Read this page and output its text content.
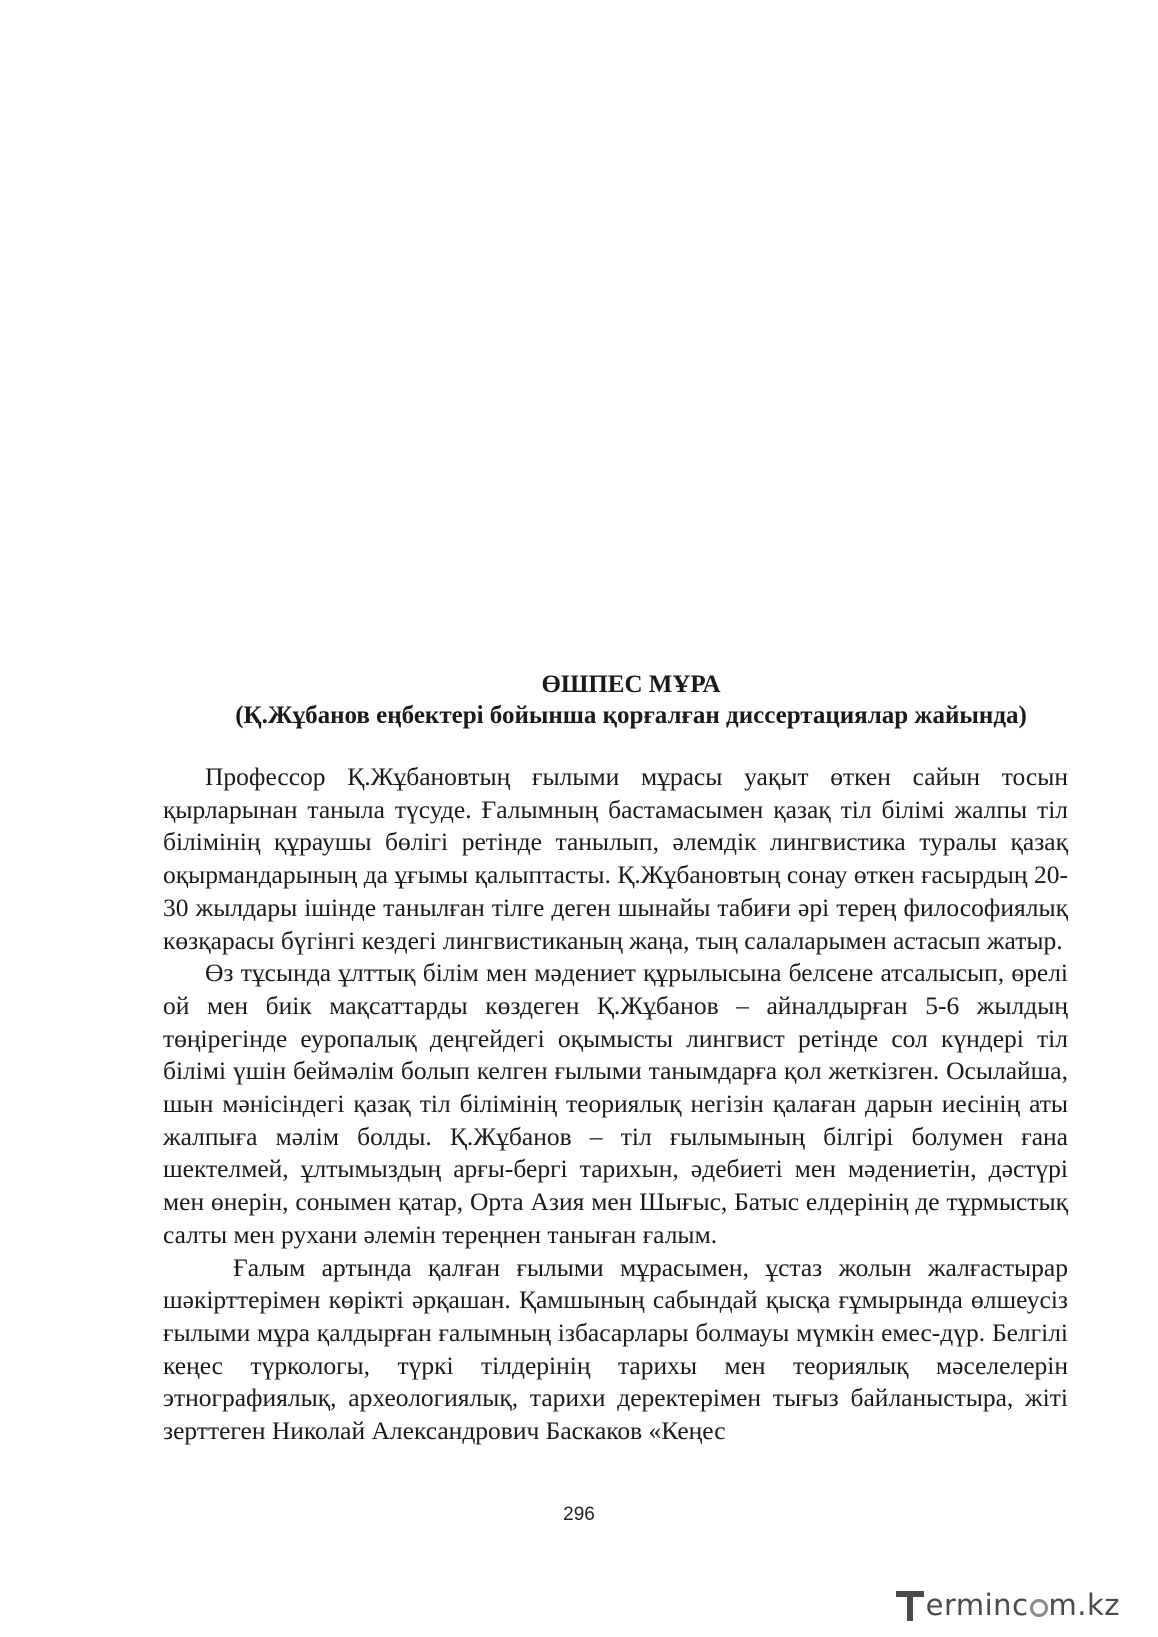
ӨШПЕС МҰРА
(Қ.Жұбанов еңбектері бойынша қорғалған диссертациялар жайында)

Профессор Қ.Жұбановтың ғылыми мұрасы уақыт өткен сайын тосын қырларынан танылa түсуде. Ғалымның бастамасымен қазақ тіл білімі жалпы тіл білімінің құраушы бөлігі ретінде танылып, әлемдік лингвистика туралы қазақ оқырмандарының да ұғымы қалыптасты. Қ.Жұбановтың сонау өткен ғасырдың 20-30 жылдары ішінде танылған тілге деген шынайы табиғи әрі терең философиялық көзқарасы бүгінгі кездегі лингвистиканың жаңа, тың салаларымен астасып жатыр.

Өз тұсында ұлттық білім мен мәдениет құрылысына белсене атсалысып, өрелі ой мен биік мақсаттарды көздеген Қ.Жұбанов – айналдырған 5-6 жылдың төңірегінде еуропалық деңгейдегі оқымысты лингвист ретінде сол күндері тіл білімі үшін беймәлім болып келген ғылыми танымдарға қол жеткізген. Осылайша, шын мәнісіндегі қазақ тіл білімінің теориялық негізін қалаған дарын иесінің аты жалпыға мәлім болды. Қ.Жұбанов – тіл ғылымының білгірі болумен ғана шектелмей, ұлтымыздың арғы-бергі тарихын, әдебиеті мен мәдениетін, дәстүрі мен өнерін, сонымен қатар, Орта Азия мен Шығыс, Батыс елдерінің де тұрмыстық салты мен рухани әлемін тереңнен таныған ғалым.

Ғалым артында қалған ғылыми мұрасымен, ұстаз жолын жалғастырар шәкірттерімен көрікті әрқашан. Қамшының сабындай қысқа ғұмырында өлшеусіз ғылыми мұра қалдырған ғалымның ізбасарлары болмауы мүмкін емес-дүр. Белгілі кеңес түркологы, түркі тілдерінің тарихы мен теориялық мәселелерін этнографиялық, археологиялық, тарихи деректерімен тығыз байланыстыра, жіті зерттеген Николай Александрович Баскаков «Кеңес

296
erminc m.kz
